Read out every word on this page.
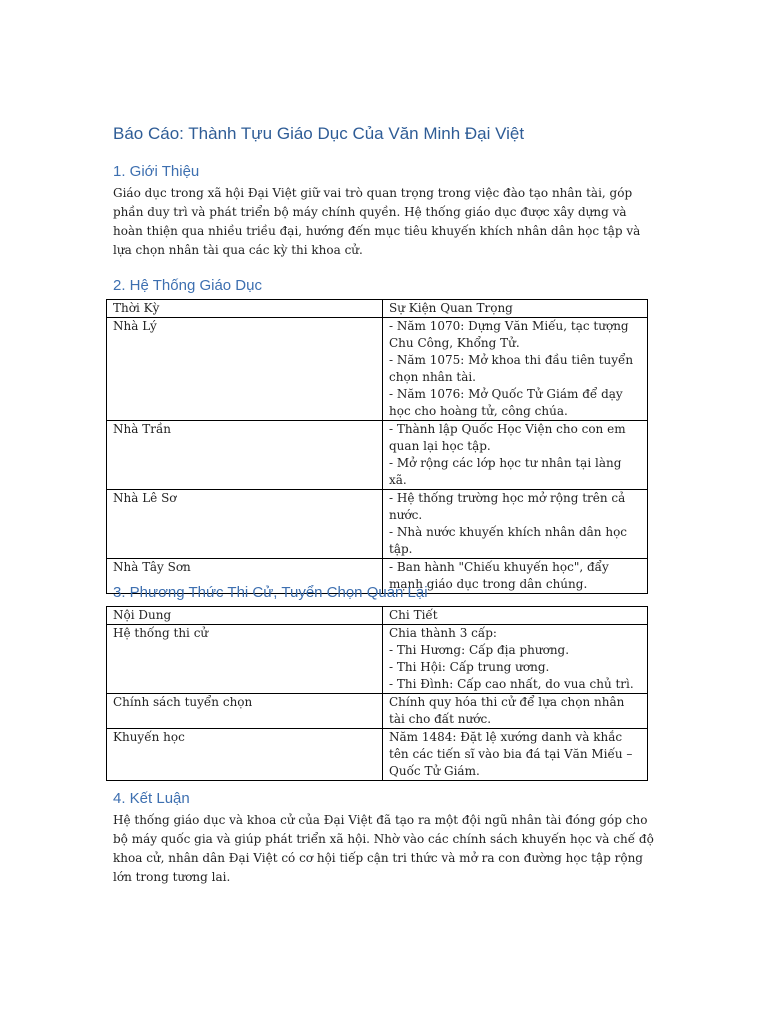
Báo Cáo: Thành Tựu Giáo Dục Của Văn Minh Đại Việt
1. Giới Thiệu

Giáo dục trong xã hội Đại Việt giữ vai trò quan trọng trong việc đào tạo nhân tài, góp phần duy trì và phát triển bộ máy chính quyền. Hệ thống giáo dục được xây dựng và hoàn thiện qua nhiều triều đại, hướng đến mục tiêu khuyến khích nhân dân học tập và lựa chọn nhân tài qua các kỳ thi khoa cử.

2. Hệ Thống Giáo Dục
Thời Kỳ	Sự Kiện Quan Trọng
Nhà Lý	- Năm 1070: Dựng Văn Miếu, tạc tượng Chu Công, Khổng Tử.
- Năm 1075: Mở khoa thi đầu tiên tuyển chọn nhân tài.
- Năm 1076: Mở Quốc Tử Giám để dạy học cho hoàng tử, công chúa.

Nhà Trần	- Thành lập Quốc Học Viện cho con em quan lại học tập.
- Mở rộng các lớp học tư nhân tại làng xã.

Nhà Lê Sơ	- Hệ thống trường học mở rộng trên cả nước.
- Nhà nước khuyến khích nhân dân học tập.

Nhà Tây Sơn	- Ban hành "Chiếu khuyến học", đẩy mạnh giáo dục trong dân chúng.
3. Phương Thức Thi Cử, Tuyển Chọn Quan Lại
Nội Dung	Chi Tiết
Hệ thống thi cử	Chia thành 3 cấp:
- Thi Hương: Cấp địa phương.
- Thi Hội: Cấp trung ương.
- Thi Đình: Cấp cao nhất, do vua chủ trì.

Chính sách tuyển chọn	Chính quy hóa thi cử để lựa chọn nhân tài cho đất nước.

Khuyến học	Năm 1484: Đặt lệ xướng danh và khắc tên các tiến sĩ vào bia đá tại Văn Miếu – Quốc Tử Giám.
4. Kết Luận

Hệ thống giáo dục và khoa cử của Đại Việt đã tạo ra một đội ngũ nhân tài đóng góp cho bộ máy quốc gia và giúp phát triển xã hội. Nhờ vào các chính sách khuyến học và chế độ khoa cử, nhân dân Đại Việt có cơ hội tiếp cận tri thức và mở ra con đường học tập rộng lớn trong tương lai.
